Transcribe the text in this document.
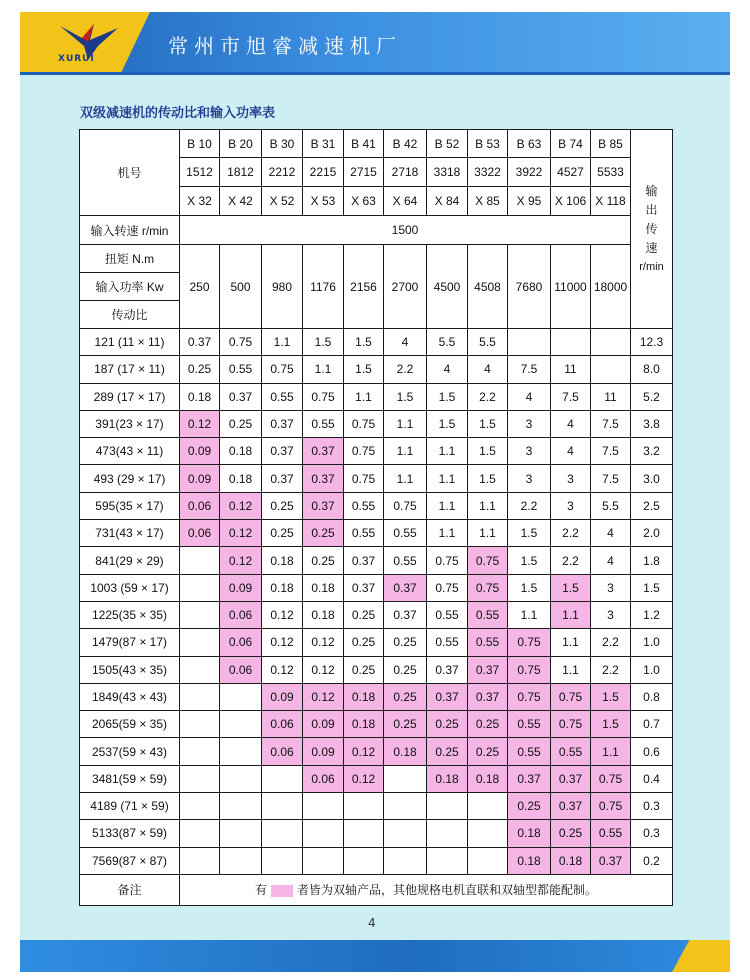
XURUI
常州市旭睿减速机厂
双级减速机的传动比和输入功率表
机号	B 10	B 20	B 30	B 31	B 41	B 42	B 52	B 53	B 63	B 74	B 85	输
出
传
速
r/min

	1512	1812	2212	2215	2715	2718	3318	3322	3922	4527	5533	
	X 32	X 42	X 52	X 53	X 63	X 64	X 84	X 85	X 95	X 106	X 118	
输入转速 r/min	1500											
扭矩 N.m	250	500	980	1176	2156	2700	4500	4508	7680	11000	18000	
输入功率 Kw												
传动比												
121 (11 × 11)	0.37	0.75	1.1	1.5	1.5	4	5.5	5.5				12.3
187 (17 × 11)	0.25	0.55	0.75	1.1	1.5	2.2	4	4	7.5	11		8.0
289 (17 × 17)	0.18	0.37	0.55	0.75	1.1	1.5	1.5	2.2	4	7.5	11	5.2
391(23 × 17)	0.12	0.25	0.37	0.55	0.75	1.1	1.5	1.5	3	4	7.5	3.8
473(43 × 11)	0.09	0.18	0.37	0.37	0.75	1.1	1.1	1.5	3	4	7.5	3.2
493 (29 × 17)	0.09	0.18	0.37	0.37	0.75	1.1	1.1	1.5	3	3	7.5	3.0
595(35 × 17)	0.06	0.12	0.25	0.37	0.55	0.75	1.1	1.1	2.2	3	5.5	2.5
731(43 × 17)	0.06	0.12	0.25	0.25	0.55	0.55	1.1	1.1	1.5	2.2	4	2.0
841(29 × 29)		0.12	0.18	0.25	0.37	0.55	0.75	0.75	1.5	2.2	4	1.8
1003 (59 × 17)		0.09	0.18	0.18	0.37	0.37	0.75	0.75	1.5	1.5	3	1.5
1225(35 × 35)		0.06	0.12	0.18	0.25	0.37	0.55	0.55	1.1	1.1	3	1.2
1479(87 × 17)		0.06	0.12	0.12	0.25	0.25	0.55	0.55	0.75	1.1	2.2	1.0
1505(43 × 35)		0.06	0.12	0.12	0.25	0.25	0.37	0.37	0.75	1.1	2.2	1.0
1849(43 × 43)			0.09	0.12	0.18	0.25	0.37	0.37	0.75	0.75	1.5	0.8
2065(59 × 35)			0.06	0.09	0.18	0.25	0.25	0.25	0.55	0.75	1.5	0.7
2537(59 × 43)			0.06	0.09	0.12	0.18	0.25	0.25	0.55	0.55	1.1	0.6
3481(59 × 59)				0.06	0.12		0.18	0.18	0.37	0.37	0.75	0.4
4189 (71 × 59)									0.25	0.37	0.75	0.3
5133(87 × 59)									0.18	0.25	0.55	0.3
7569(87 × 87)									0.18	0.18	0.37	0.2
备注	有 者皆为双轴产品，其他规格电机直联和双轴型都能配制。											
4
